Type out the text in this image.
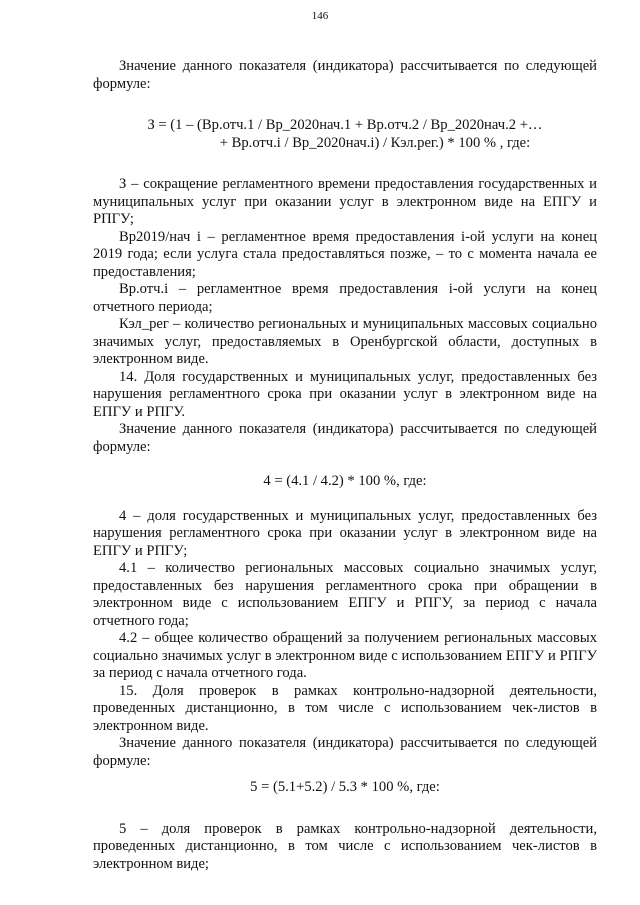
146

Значение данного показателя (индикатора) рассчитывается по следующей формуле:

З = (1 – (Вр.отч.1 / Вр_2020нач.1 + Вр.отч.2 / Вр_2020нач.2 +…

+ Вр.отч.i / Вр_2020нач.i) / Кэл.рег.) * 100 % , где:

З – сокращение регламентного времени предоставления государственных и муниципальных услуг при оказании услуг в электронном виде на ЕПГУ и РПГУ;

Вр2019/нач i – регламентное время предоставления i-ой услуги на конец 2019 года; если услуга стала предоставляться позже, – то с момента начала ее предоставления;

Вр.отч.i – регламентное время предоставления i-ой услуги на конец отчетного периода;

Кэл_рег – количество региональных и муниципальных массовых социально значимых услуг, предоставляемых в Оренбургской области, доступных в электронном виде.

14. Доля государственных и муниципальных услуг, предоставленных без нарушения регламентного срока при оказании услуг в электронном виде на ЕПГУ и РПГУ.

Значение данного показателя (индикатора) рассчитывается по следующей формуле:

4 = (4.1 / 4.2) * 100 %, где:

4 – доля государственных и муниципальных услуг, предоставленных без нарушения регламентного срока при оказании услуг в электронном виде на ЕПГУ и РПГУ;

4.1 – количество региональных массовых социально значимых услуг, предоставленных без нарушения регламентного срока при обращении в электронном виде с использованием ЕПГУ и РПГУ, за период с начала отчетного года;

4.2 – общее количество обращений за получением региональных массовых социально значимых услуг в электронном виде с использованием ЕПГУ и РПГУ за период с начала отчетного года.

15. Доля проверок в рамках контрольно-надзорной деятельности, проведенных дистанционно, в том числе с использованием чек-листов в электронном виде.

Значение данного показателя (индикатора) рассчитывается по следующей формуле:

5 = (5.1+5.2) / 5.3 * 100 %, где:

5 – доля проверок в рамках контрольно-надзорной деятельности, проведенных дистанционно, в том числе с использованием чек-листов в электронном виде;
